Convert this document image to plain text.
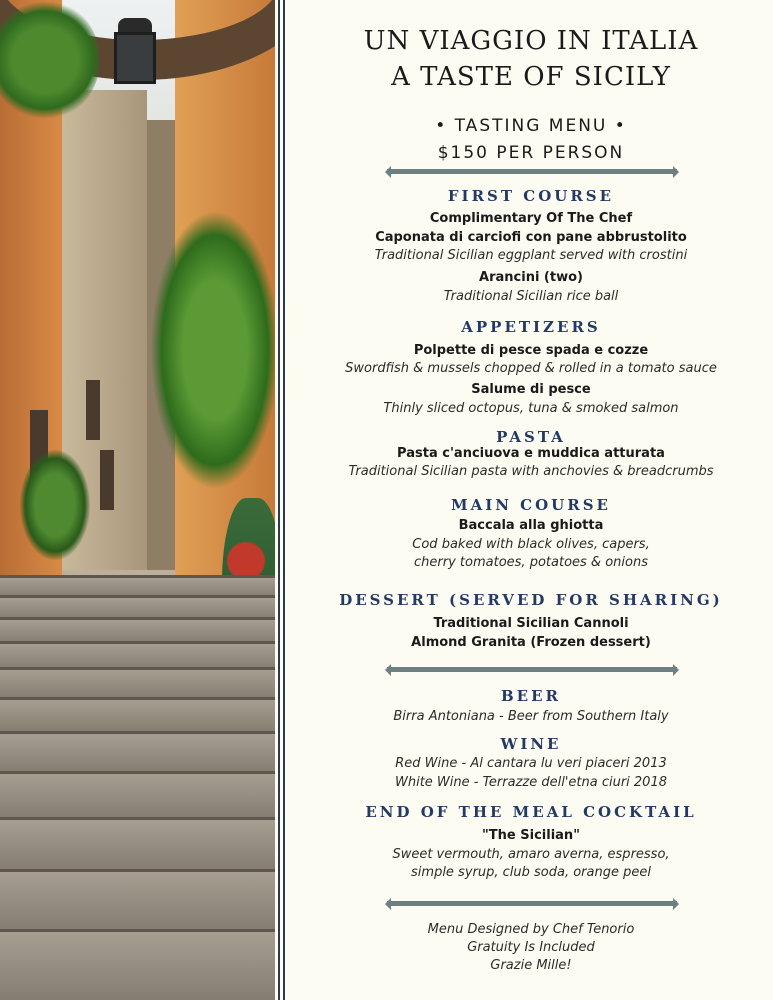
UN VIAGGIO IN ITALIA
A TASTE OF SICILY
• TASTING MENU •
$150 PER PERSON
FIRST COURSE
Complimentary Of The Chef
Caponata di carciofi con pane abbrustolito
Traditional Sicilian eggplant served with crostini
Arancini (two)
Traditional Sicilian rice ball
APPETIZERS
Polpette di pesce spada e cozze
Swordfish & mussels chopped & rolled in a tomato sauce
Salume di pesce
Thinly sliced octopus, tuna & smoked salmon
PASTA
Pasta c'anciuova e muddica atturata
Traditional Sicilian pasta with anchovies & breadcrumbs
MAIN COURSE
Baccala alla ghiotta
Cod baked with black olives, capers,
cherry tomatoes, potatoes & onions
DESSERT (SERVED FOR SHARING)
Traditional Sicilian Cannoli
Almond Granita (Frozen dessert)
BEER
Birra Antoniana - Beer from Southern Italy
WINE
Red Wine - Al cantara lu veri piaceri 2013
White Wine - Terrazze dell'etna ciuri 2018
END OF THE MEAL COCKTAIL
"The Sicilian"
Sweet vermouth, amaro averna, espresso,
simple syrup, club soda, orange peel
Menu Designed by Chef Tenorio
Gratuity Is Included
Grazie Mille!
